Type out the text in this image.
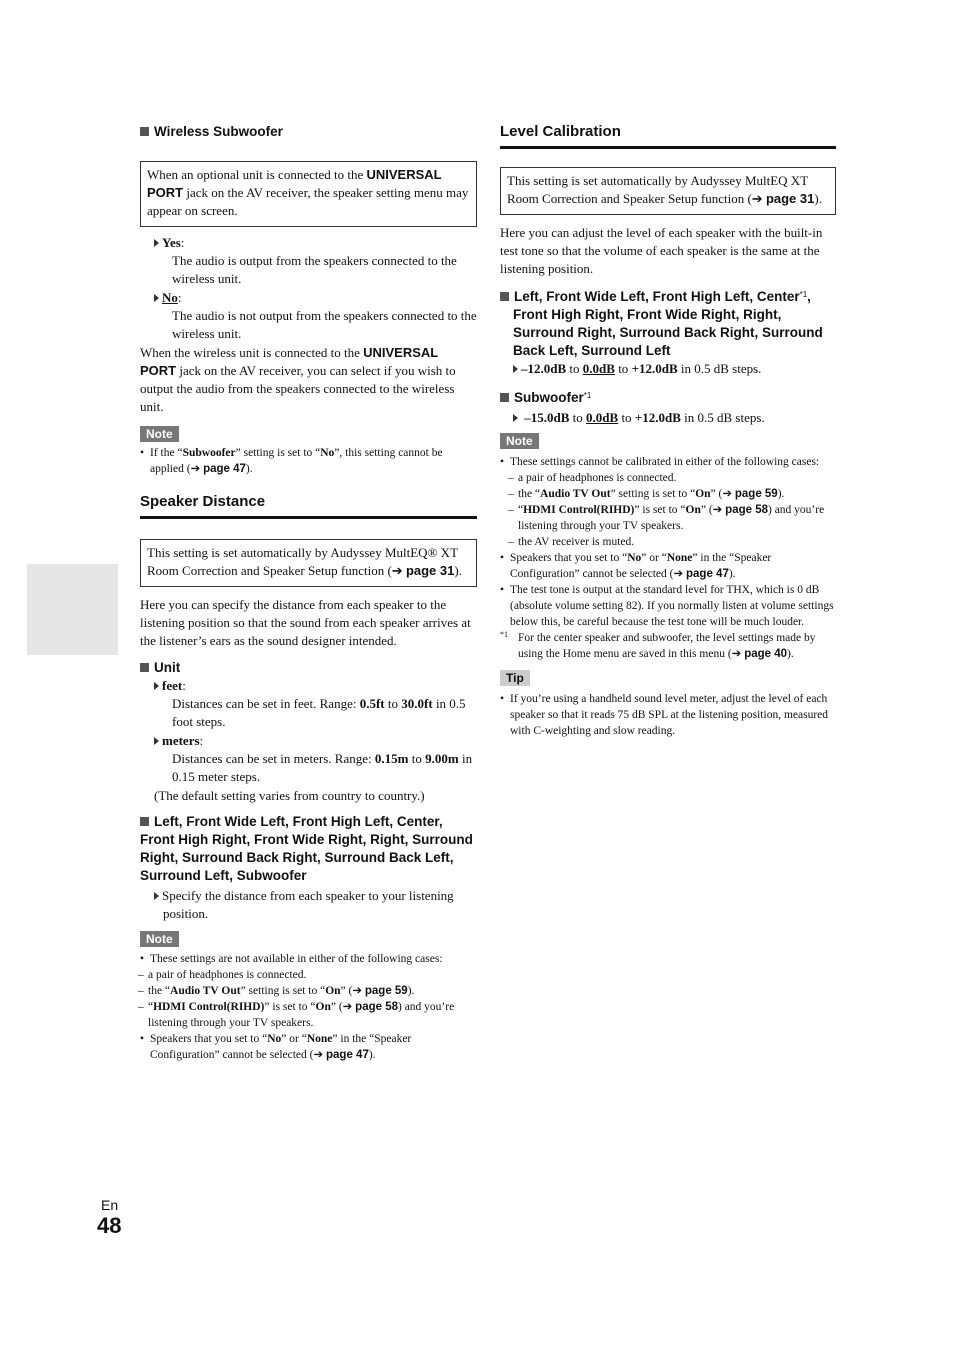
Wireless Subwoofer
When an optional unit is connected to the UNIVERSAL PORT jack on the AV receiver, the speaker setting menu may appear on screen.
Yes:
The audio is output from the speakers connected to the wireless unit.
No:
The audio is not output from the speakers connected to the wireless unit.
When the wireless unit is connected to the UNIVERSAL PORT jack on the AV receiver, you can select if you wish to output the audio from the speakers connected to the wireless unit.
Note
• If the “Subwoofer” setting is set to “No”, this setting cannot be applied (➔ page 47).
Speaker Distance
This setting is set automatically by Audyssey MultEQ® XT Room Correction and Speaker Setup function (➔ page 31).
Here you can specify the distance from each speaker to the listening position so that the sound from each speaker arrives at the listener’s ears as the sound designer intended.
Unit
feet:
Distances can be set in feet. Range: 0.5ft to 30.0ft in 0.5 foot steps.
meters:
Distances can be set in meters. Range: 0.15m to 9.00m in 0.15 meter steps.
(The default setting varies from country to country.)
Left, Front Wide Left, Front High Left, Center, Front High Right, Front Wide Right, Right, Surround Right, Surround Back Right, Surround Back Left, Surround Left, Subwoofer
Specify the distance from each speaker to your listening position.
Note
• These settings are not available in either of the following cases:
– a pair of headphones is connected.
– the “Audio TV Out” setting is set to “On” (➔ page 59).
– “HDMI Control(RIHD)” is set to “On” (➔ page 58) and you’re listening through your TV speakers.
• Speakers that you set to “No” or “None” in the “Speaker Configuration” cannot be selected (➔ page 47).
Level Calibration
This setting is set automatically by Audyssey MultEQ XT Room Correction and Speaker Setup function (➔ page 31).
Here you can adjust the level of each speaker with the built-in test tone so that the volume of each speaker is the same at the listening position.
Left, Front Wide Left, Front High Left, Center$^{*1}$, Front High Right, Front Wide Right, Right, Surround Right, Surround Back Right, Surround Back Left, Surround Left
–12.0dB to 0.0dB to +12.0dB in 0.5 dB steps.
Subwoofer$^{*1}$
–15.0dB to 0.0dB to +12.0dB in 0.5 dB steps.
Note
• These settings cannot be calibrated in either of the following cases:
– a pair of headphones is connected.
– the “Audio TV Out” setting is set to “On” (➔ page 59).
– “HDMI Control(RIHD)” is set to “On” (➔ page 58) and you’re listening through your TV speakers.
– the AV receiver is muted.
• Speakers that you set to “No” or “None” in the “Speaker Configuration” cannot be selected (➔ page 47).
• The test tone is output at the standard level for THX, which is 0 dB (absolute volume setting 82). If you normally listen at volume settings below this, be careful because the test tone will be much louder.
*1 For the center speaker and subwoofer, the level settings made by using the Home menu are saved in this menu (➔ page 40).
Tip
• If you’re using a handheld sound level meter, adjust the level of each speaker so that it reads 75 dB SPL at the listening position, measured with C-weighting and slow reading.
En
48
